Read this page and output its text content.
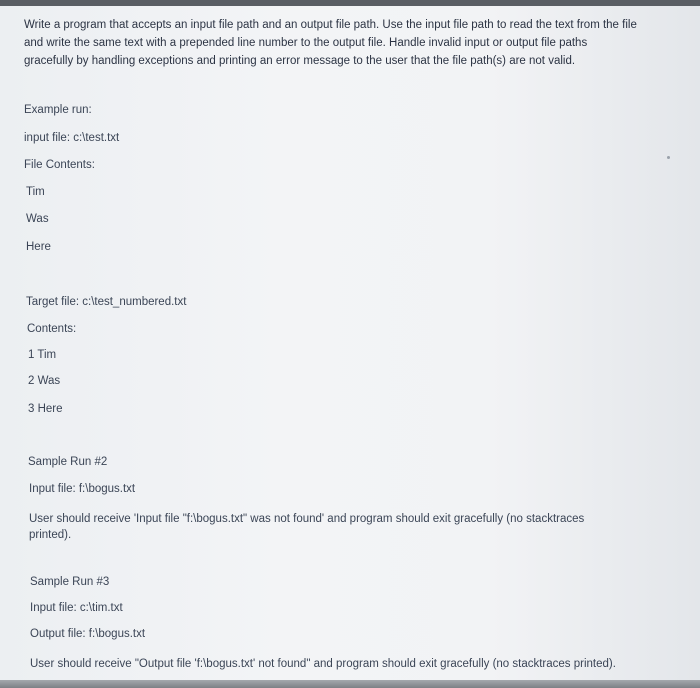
Write a program that accepts an input file path and an output file path. Use the input file path to read the text from the file and write the same text with a prepended line number to the output file. Handle invalid input or output file paths gracefully by handling exceptions and printing an error message to the user that the file path(s) are not valid.
Example run:
input file: c:\test.txt
File Contents:
Tim
Was
Here
Target file: c:\test_numbered.txt
Contents:
1 Tim
2 Was
3 Here
Sample Run #2
Input file: f:\bogus.txt
User should receive 'Input file "f:\bogus.txt" was not found' and program should exit gracefully (no stacktraces printed).
Sample Run #3
Input file: c:\tim.txt
Output file: f:\bogus.txt
User should receive "Output file 'f:\bogus.txt' not found" and program should exit gracefully (no stacktraces printed).
